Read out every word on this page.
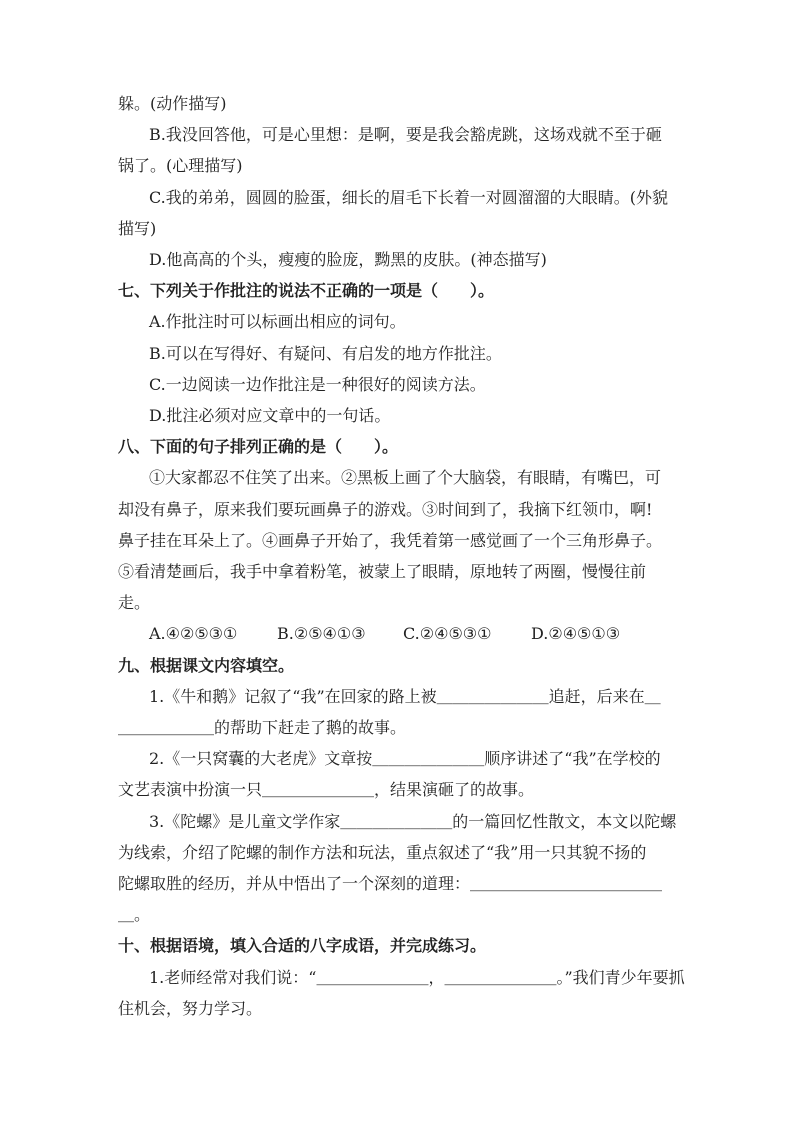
躲。(动作描写)
B.我没回答他，可是心里想：是啊，要是我会豁虎跳，这场戏就不至于砸
锅了。(心理描写)
C.我的弟弟，圆圆的脸蛋，细长的眉毛下长着一对圆溜溜的大眼睛。(外貌
描写)
D.他高高的个头，瘦瘦的脸庞，黝黑的皮肤。(神态描写)
七、下列关于作批注的说法不正确的一项是（　　）。
A.作批注时可以标画出相应的词句。
B.可以在写得好、有疑问、有启发的地方作批注。
C.一边阅读一边作批注是一种很好的阅读方法。
D.批注必须对应文章中的一句话。
八、下面的句子排列正确的是（　　）。
①大家都忍不住笑了出来。②黑板上画了个大脑袋，有眼睛，有嘴巴，可
却没有鼻子，原来我们要玩画鼻子的游戏。③时间到了，我摘下红领巾，啊!
鼻子挂在耳朵上了。④画鼻子开始了，我凭着第一感觉画了一个三角形鼻子。
⑤看清楚画后，我手中拿着粉笔，被蒙上了眼睛，原地转了两圈，慢慢往前
走。
A.④②⑤③①	B.②⑤④①③	C.②④⑤③①	D.②④⑤①③
九、根据课文内容填空。
1.《牛和鹅》记叙了“我”在回家的路上被＿＿＿＿＿＿＿追赶，后来在＿
＿＿＿＿＿＿的帮助下赶走了鹅的故事。
2.《一只窝囊的大老虎》文章按＿＿＿＿＿＿＿顺序讲述了“我”在学校的
文艺表演中扮演一只＿＿＿＿＿＿＿，结果演砸了的故事。
3.《陀螺》是儿童文学作家＿＿＿＿＿＿＿的一篇回忆性散文，本文以陀螺
为线索，介绍了陀螺的制作方法和玩法，重点叙述了“我”用一只其貌不扬的
陀螺取胜的经历，并从中悟出了一个深刻的道理：＿＿＿＿＿＿＿＿＿＿＿＿
＿。
十、根据语境，填入合适的八字成语，并完成练习。
1.老师经常对我们说：“＿＿＿＿＿＿＿，＿＿＿＿＿＿＿。”我们青少年要抓
住机会，努力学习。
